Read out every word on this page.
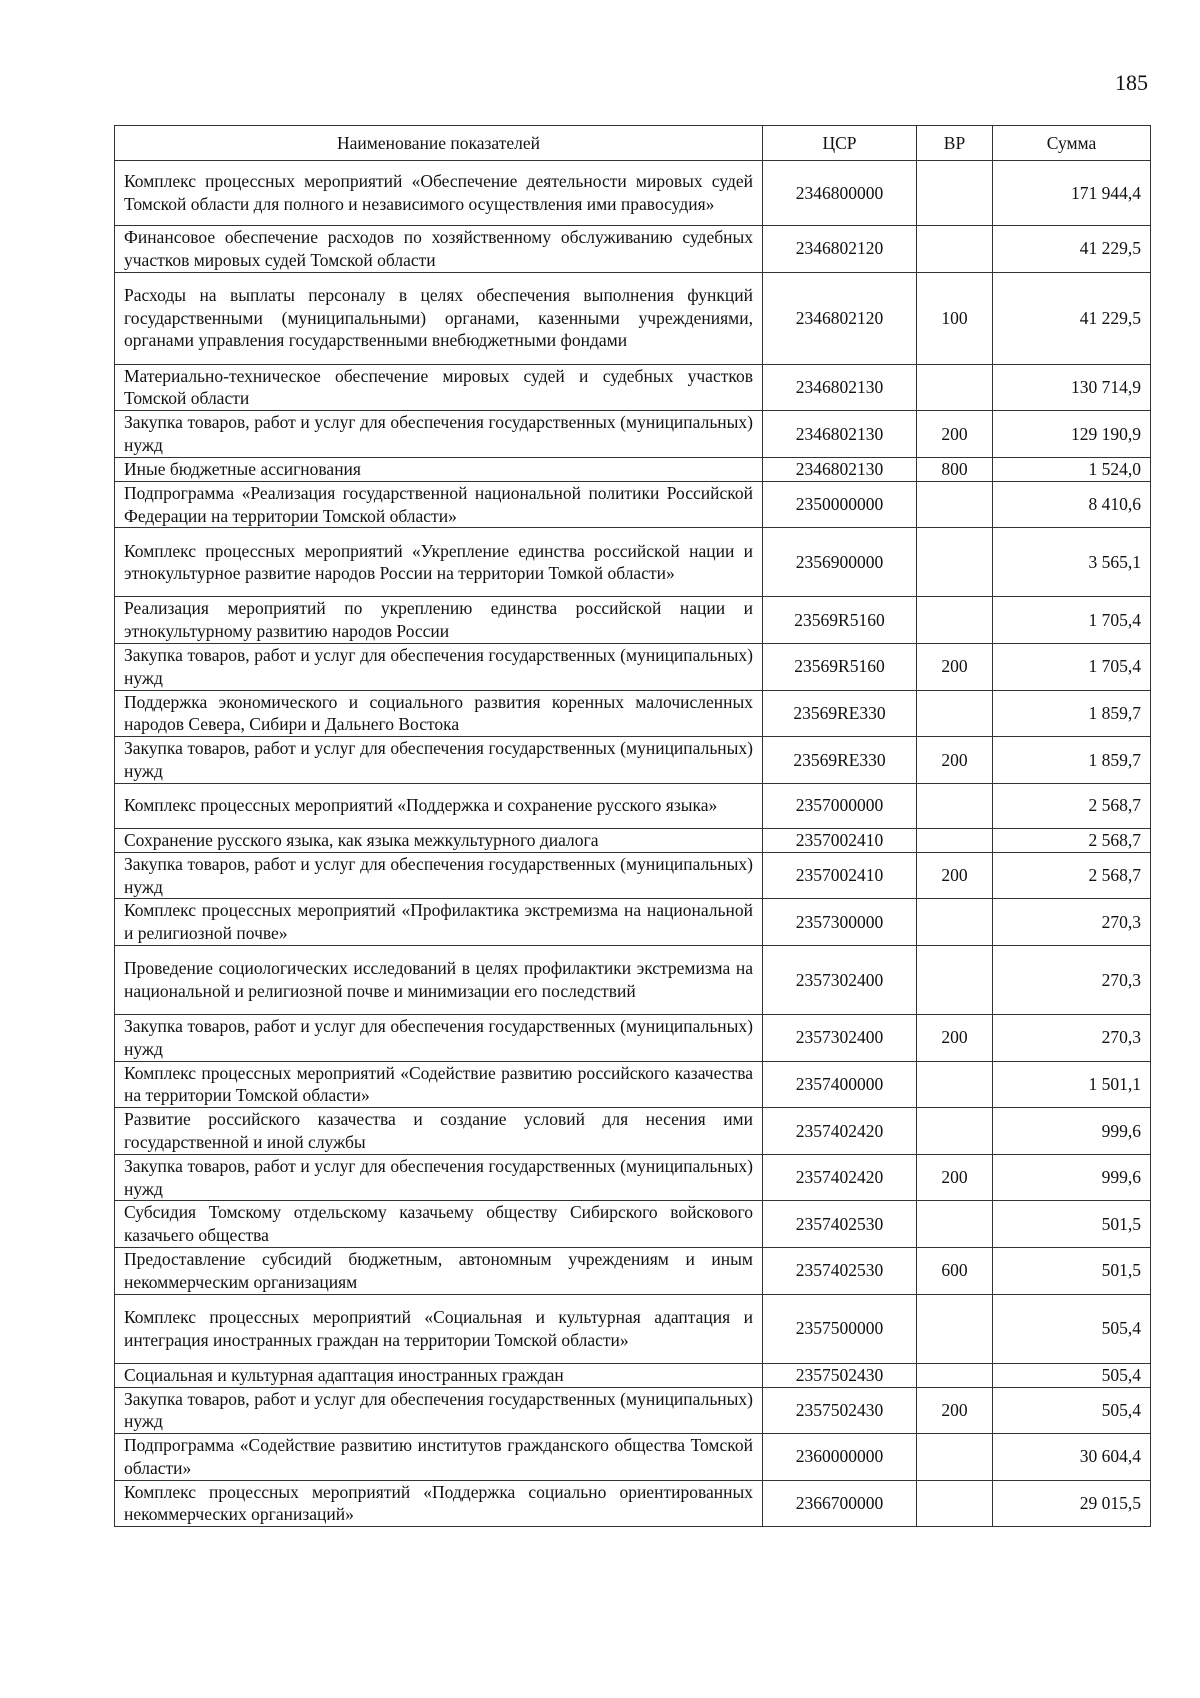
185
Наименование показателей	ЦСР	ВР	Сумма
Комплекс процессных мероприятий «Обеспечение деятельности мировых судей Томской области для полного и независимого осуществления ими правосудия»	2346800000		171 944,4
Финансовое обеспечение расходов по хозяйственному обслуживанию судебных участков мировых судей Томской области	2346802120		41 229,5
Расходы на выплаты персоналу в целях обеспечения выполнения функций государственными (муниципальными) органами, казенными учреждениями, органами управления государственными внебюджетными фондами	2346802120	100	41 229,5
Материально-техническое обеспечение мировых судей и судебных участков Томской области	2346802130		130 714,9
Закупка товаров, работ и услуг для обеспечения государственных (муниципальных) нужд	2346802130	200	129 190,9
Иные бюджетные ассигнования	2346802130	800	1 524,0
Подпрограмма «Реализация государственной национальной политики Российской Федерации на территории Томской области»	2350000000		8 410,6
Комплекс процессных мероприятий «Укрепление единства российской нации и этнокультурное развитие народов России на территории Томкой области»	2356900000		3 565,1
Реализация мероприятий по укреплению единства российской нации и этнокультурному развитию народов России	23569R5160		1 705,4
Закупка товаров, работ и услуг для обеспечения государственных (муниципальных) нужд	23569R5160	200	1 705,4
Поддержка экономического и социального развития коренных малочисленных народов Севера, Сибири и Дальнего Востока	23569RE330		1 859,7
Закупка товаров, работ и услуг для обеспечения государственных (муниципальных) нужд	23569RE330	200	1 859,7
Комплекс процессных мероприятий «Поддержка и сохранение русского языка»	2357000000		2 568,7
Сохранение русского языка, как языка межкультурного диалога	2357002410		2 568,7
Закупка товаров, работ и услуг для обеспечения государственных (муниципальных) нужд	2357002410	200	2 568,7
Комплекс процессных мероприятий «Профилактика экстремизма на национальной и религиозной почве»	2357300000		270,3
Проведение социологических исследований в целях профилактики экстремизма на национальной и религиозной почве и минимизации его последствий	2357302400		270,3
Закупка товаров, работ и услуг для обеспечения государственных (муниципальных) нужд	2357302400	200	270,3
Комплекс процессных мероприятий «Содействие развитию российского казачества на территории Томской области»	2357400000		1 501,1
Развитие российского казачества и создание условий для несения ими государственной и иной службы	2357402420		999,6
Закупка товаров, работ и услуг для обеспечения государственных (муниципальных) нужд	2357402420	200	999,6
Субсидия Томскому отдельскому казачьему обществу Сибирского войскового казачьего общества	2357402530		501,5
Предоставление субсидий бюджетным, автономным учреждениям и иным некоммерческим организациям	2357402530	600	501,5
Комплекс процессных мероприятий «Социальная и культурная адаптация и интеграция иностранных граждан на территории Томской области»	2357500000		505,4
Социальная и культурная адаптация иностранных граждан	2357502430		505,4
Закупка товаров, работ и услуг для обеспечения государственных (муниципальных) нужд	2357502430	200	505,4
Подпрограмма «Содействие развитию институтов гражданского общества Томской области»	2360000000		30 604,4
Комплекс процессных мероприятий «Поддержка социально ориентированных некоммерческих организаций»	2366700000		29 015,5
